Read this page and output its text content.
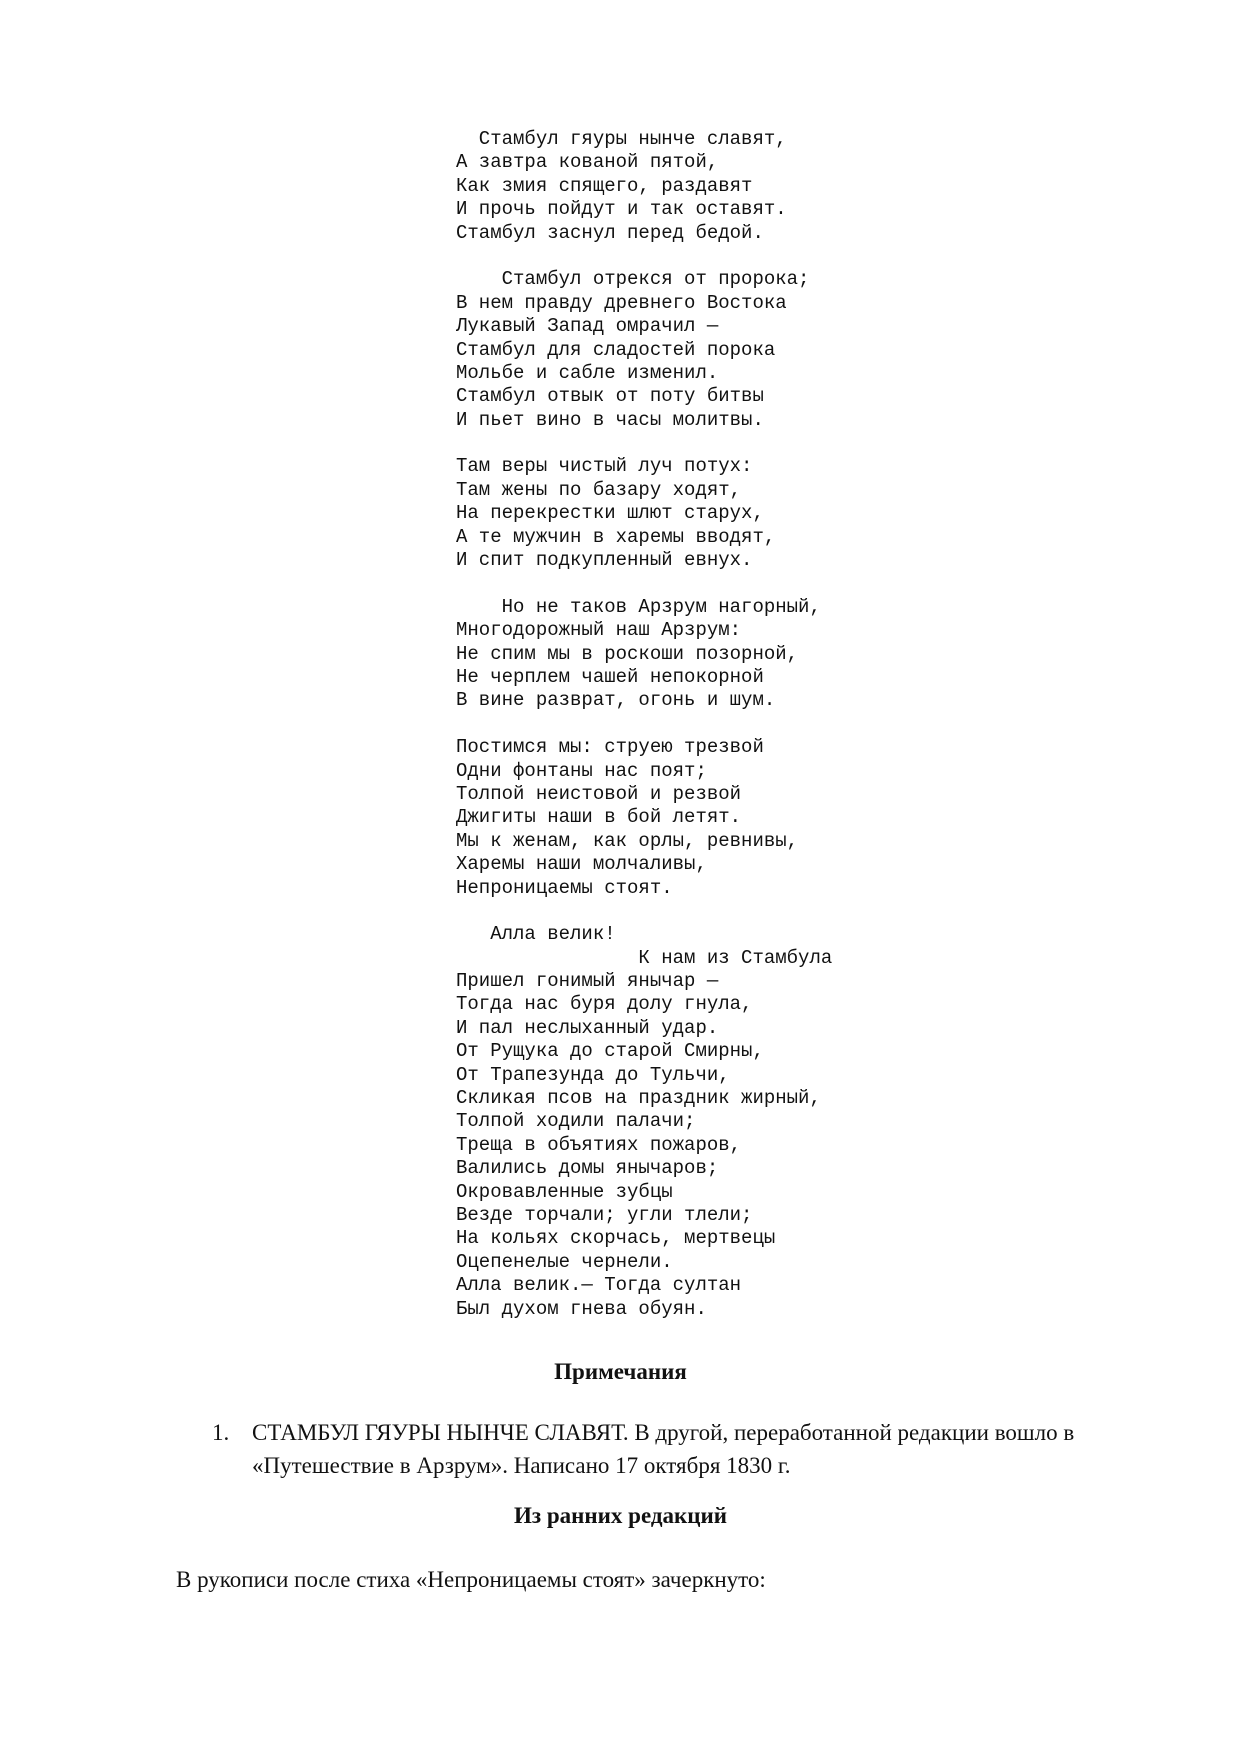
Стамбул гяуры нынче славят,
А завтра кованой пятой,
Как змия спящего, раздавят
И прочь пойдут и так оставят.
Стамбул заснул перед бедой.
Стамбул отрекся от пророка;
В нем правду древнего Востока
Лукавый Запад омрачил —
Стамбул для сладостей порока
Мольбе и сабле изменил.
Стамбул отвык от поту битвы
И пьет вино в часы молитвы.
Там веры чистый луч потух:
Там жены по базару ходят,
На перекрестки шлют старух,
А те мужчин в харемы вводят,
И спит подкупленный евнух.
Но не таков Арзрум нагорный,
Многодорожный наш Арзрум:
Не спим мы в роскоши позорной,
Не черплем чашей непокорной
В вине разврат, огонь и шум.
Постимся мы: струею трезвой
Одни фонтаны нас поят;
Толпой неистовой и резвой
Джигиты наши в бой летят.
Мы к женам, как орлы, ревнивы,
Харемы наши молчаливы,
Непроницаемы стоят.
Алла велик!
К нам из Стамбула
Пришел гонимый янычар —
Тогда нас буря долу гнула,
И пал неслыханный удар.
От Рущука до старой Смирны,
От Трапезунда до Тульчи,
Скликая псов на праздник жирный,
Толпой ходили палачи;
Треща в объятиях пожаров,
Валились домы янычаров;
Окровавленные зубцы
Везде торчали; угли тлели;
На кольях скорчась, мертвецы
Оцепенелые чернели.
Алла велик.— Тогда султан
Был духом гнева обуян.
Примечания
1. СТАМБУЛ ГЯУРЫ НЫНЧЕ СЛАВЯТ. В другой, переработанной редакции вошло в «Путешествие в Арзрум». Написано 17 октября 1830 г.
Из ранних редакций

В рукописи после стиха «Непроницаемы стоят» зачеркнуто:
